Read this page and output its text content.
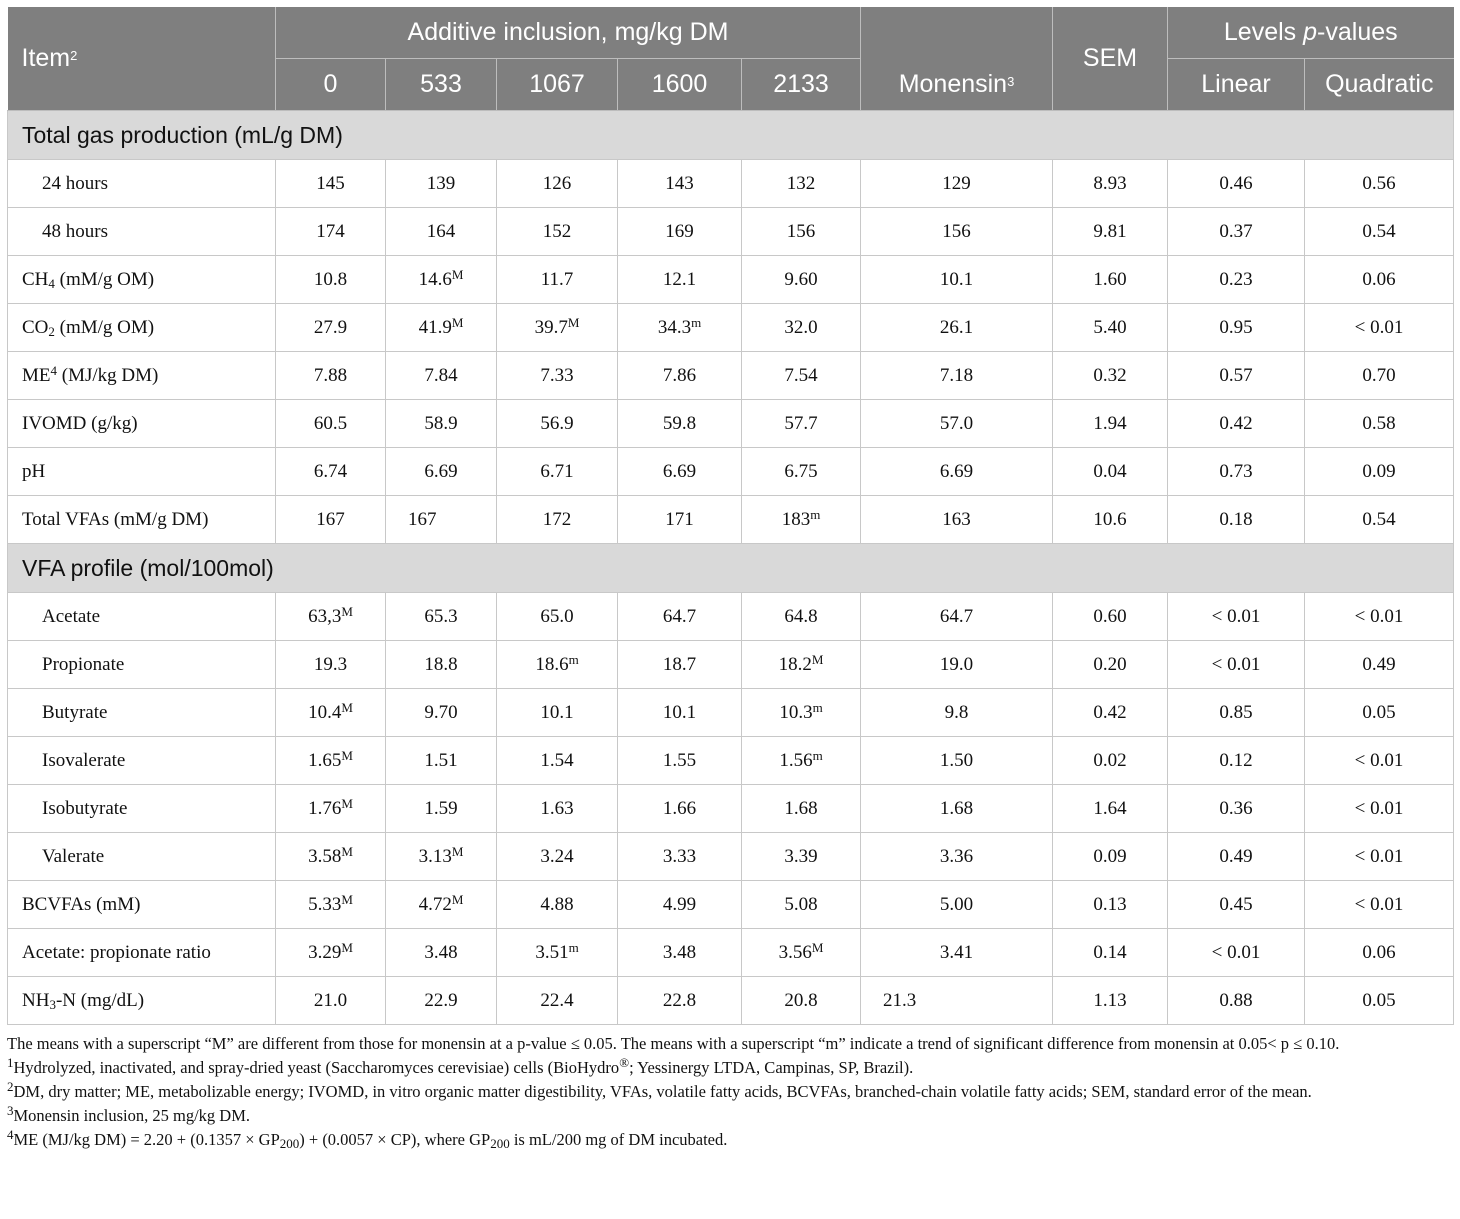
Item$^2$	Additive inclusion, mg/kg DM						SEM	Levels p-values	
	0	533	1067	1600	2133	Monensin$^3$		Linear	Quadratic
Total gas production (mL/g DM)									
24 hours	145	139	126	143	132	129	8.93	0.46	0.56
48 hours	174	164	152	169	156	156	9.81	0.37	0.54
$CH_4$ (mM/g OM)	10.8	$14.6^M$	11.7	12.1	9.60	10.1	1.60	0.23	0.06
$CO_2$ (mM/g OM)	27.9	$41.9^M$	$39.7^M$	34.3$^m$	32.0	26.1	5.40	0.95	< 0.01
$ME^4$ (MJ/kg DM)	7.88	7.84	7.33	7.86	7.54	7.18	0.32	0.57	0.70
IVOMD (g/kg)	60.5	58.9	56.9	59.8	57.7	57.0	1.94	0.42	0.58
pH	6.74	6.69	6.71	6.69	6.75	6.69	0.04	0.73	0.09
Total VFAs (mM/g DM)	167	167	172	171	183$^m$	163	10.6	0.18	0.54
VFA profile (mol/100mol)									
Acetate	$63,3^M$	65.3	65.0	64.7	64.8	64.7	0.60	< 0.01	< 0.01
Propionate	19.3	18.8	18.6$^m$	18.7	$18.2^M$	19.0	0.20	< 0.01	0.49
Butyrate	$10.4^M$	9.70	10.1	10.1	10.3$^m$	9.8	0.42	0.85	0.05
Isovalerate	$1.65^M$	1.51	1.54	1.55	1.56$^m$	1.50	0.02	0.12	< 0.01
Isobutyrate	$1.76^M$	1.59	1.63	1.66	1.68	1.68	1.64	0.36	< 0.01
Valerate	$3.58^M$	$3.13^M$	3.24	3.33	3.39	3.36	0.09	0.49	< 0.01
BCVFAs (mM)	$5.33^M$	$4.72^M$	4.88	4.99	5.08	5.00	0.13	0.45	< 0.01
Acetate: propionate ratio	$3.29^M$	3.48	3.51$^m$	3.48	$3.56^M$	3.41	0.14	< 0.01	0.06
$NH_3-N$ (mg/dL)	21.0	22.9	22.4	22.8	20.8	21.3	1.13	0.88	0.05

The means with a superscript “M” are different from those for monensin at a p-value ≤ 0.05. The means with a superscript “m” indicate a trend of significant difference from monensin at 0.05< p ≤ 0.10.

$^1$Hydrolyzed, inactivated, and spray-dried yeast (Saccharomyces cerevisiae) cells (BioHydro®; Yessinergy LTDA, Campinas, SP, Brazil).

$^2$DM, dry matter; ME, metabolizable energy; IVOMD, in vitro organic matter digestibility, VFAs, volatile fatty acids, BCVFAs, branched-chain volatile fatty acids; SEM, standard error of the mean.

$^3$Monensin inclusion, 25 mg/kg DM.

$^4$ME (MJ/kg $DM) = 2.20 + (0.1357 \times GP_{200}) + (0.0057 \times CP)$, where $GP_{200}$ is mL/200 mg of DM incubated.
